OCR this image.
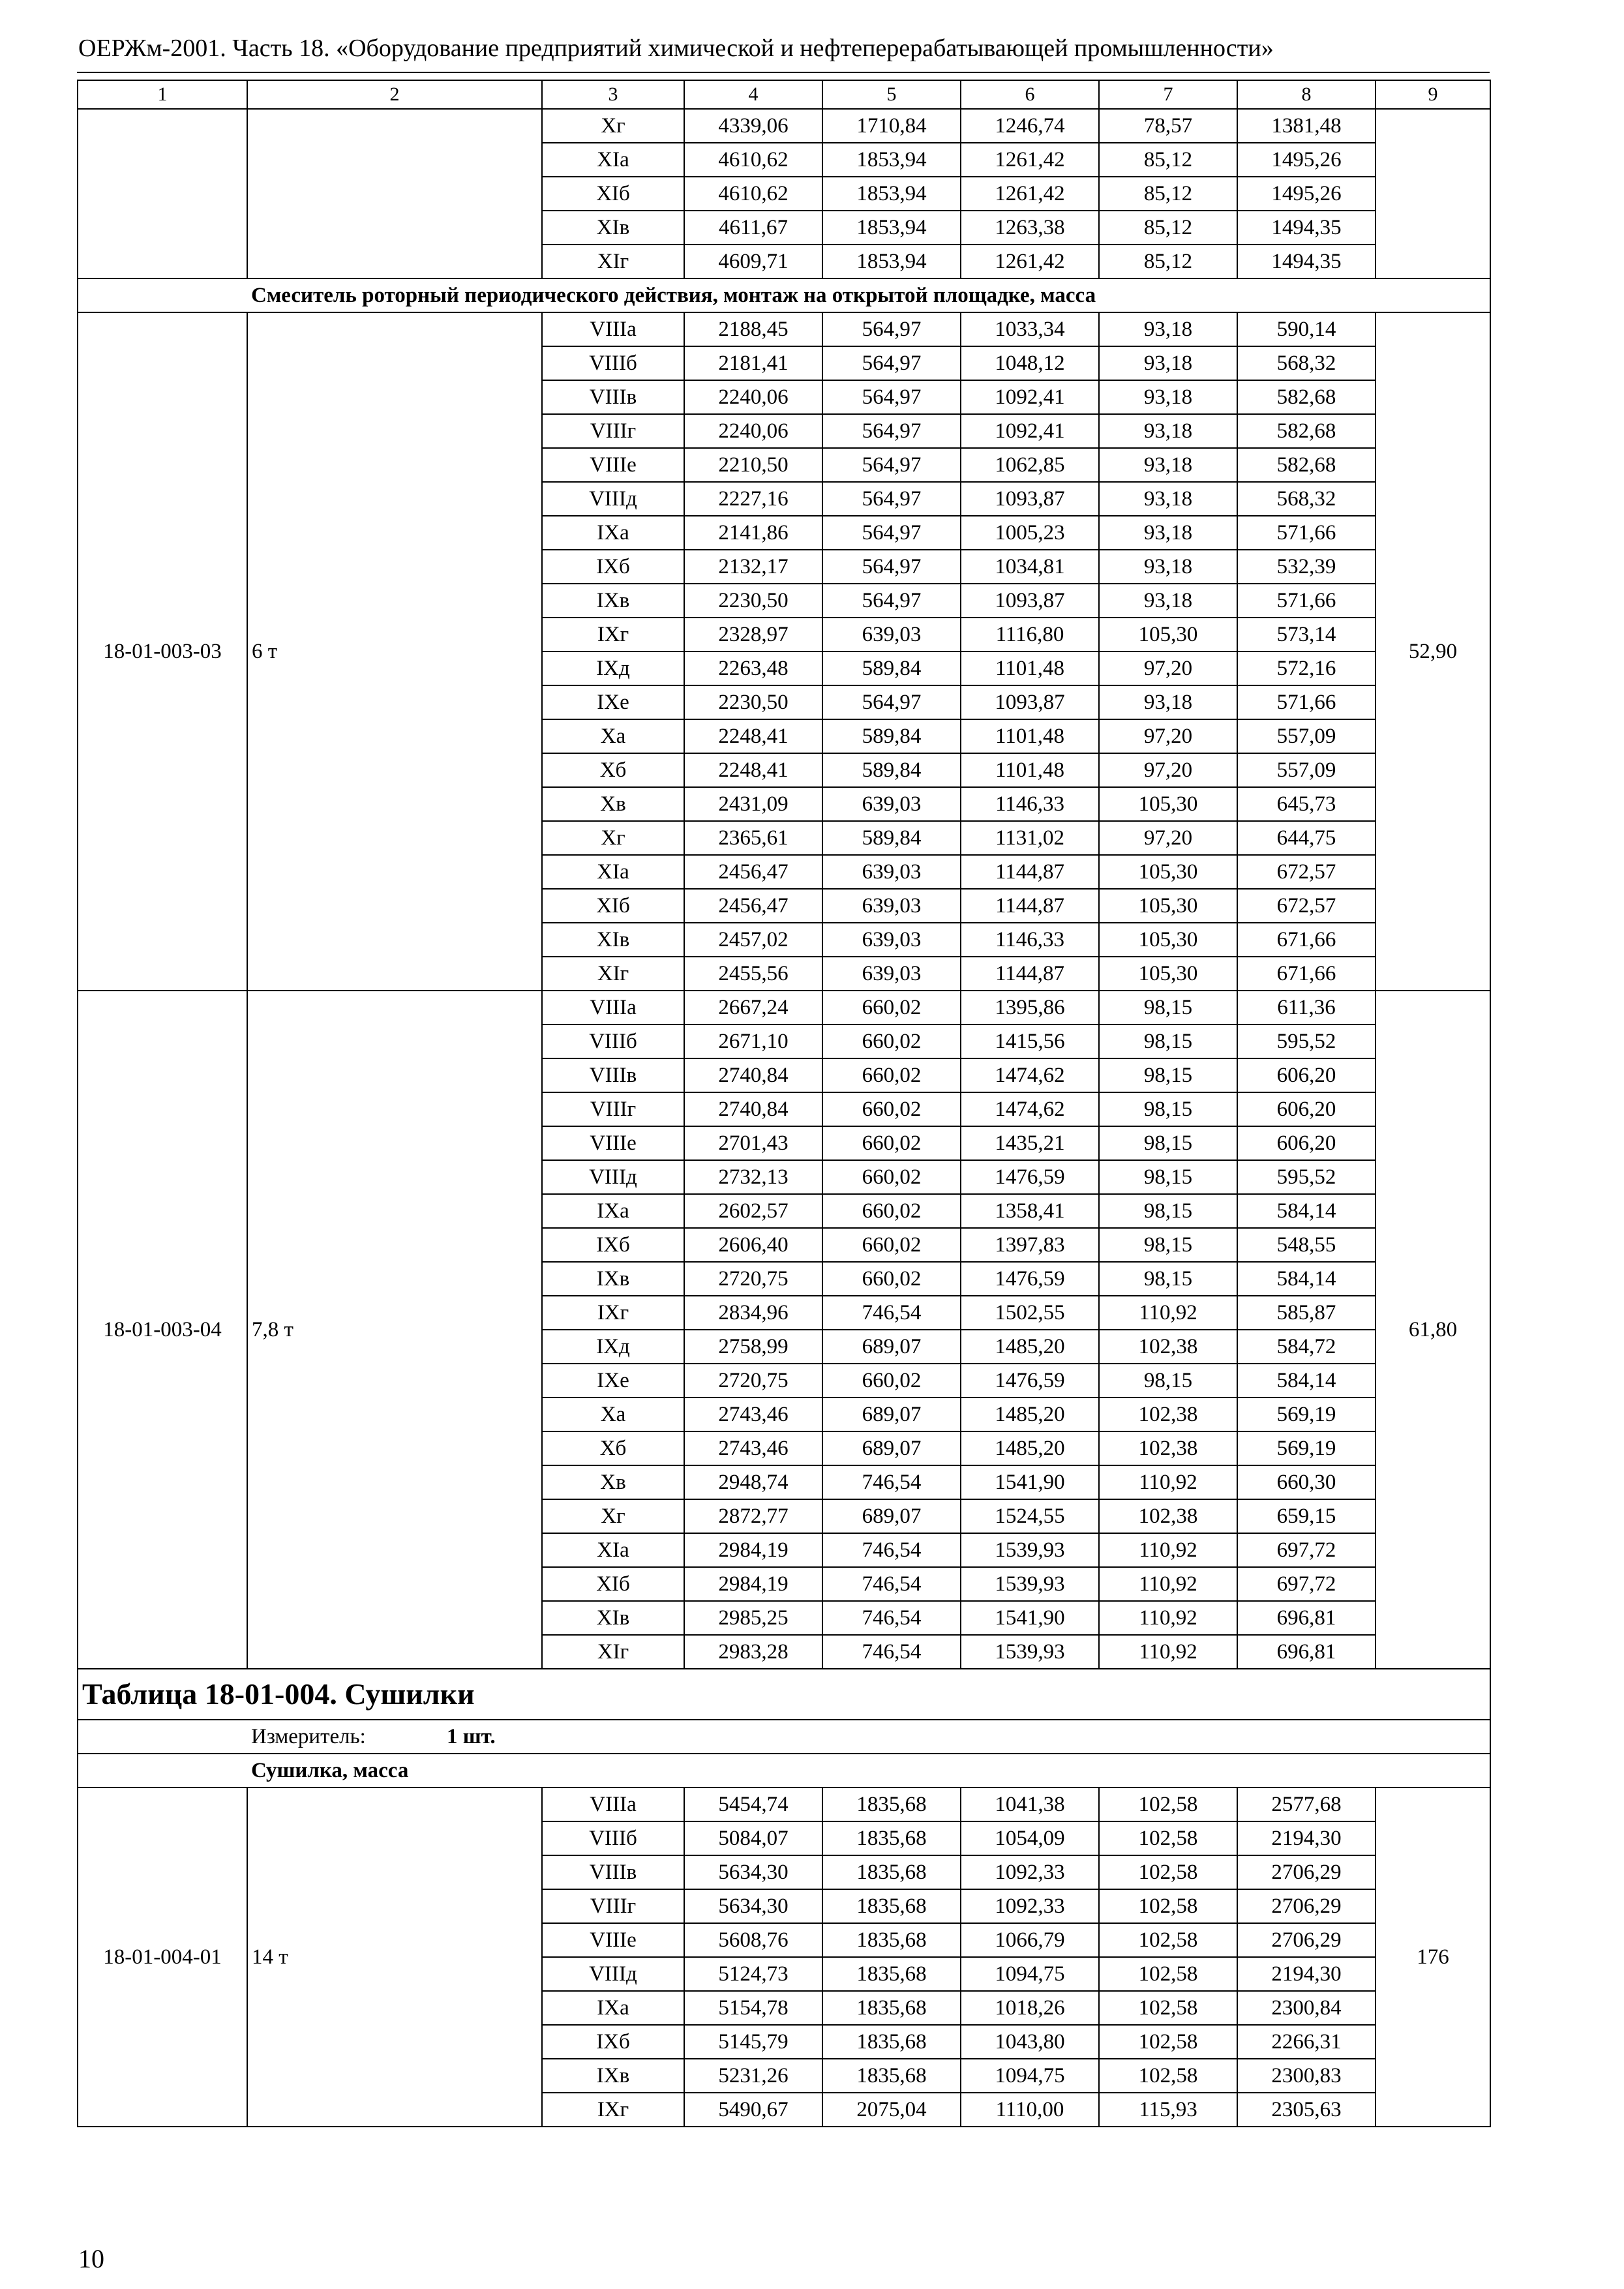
ОЕРЖм-2001. Часть 18. «Оборудование предприятий химической и нефтеперерабатывающей промышленности»
1	2	3	4	5	6	7	8	9
		Xг	4339,06	1710,84	1246,74	78,57	1381,48	
		XIа	4610,62	1853,94	1261,42	85,12	1495,26	
		XIб	4610,62	1853,94	1261,42	85,12	1495,26	
		XIв	4611,67	1853,94	1263,38	85,12	1494,35	
		XIг	4609,71	1853,94	1261,42	85,12	1494,35	
	Смеситель роторный периодического действия, монтаж на открытой площадке, масса							
18-01-003-03	6 т	VIIIа	2188,45	564,97	1033,34	93,18	590,14	52,90
		VIIIб	2181,41	564,97	1048,12	93,18	568,32	
		VIIIв	2240,06	564,97	1092,41	93,18	582,68	
		VIIIг	2240,06	564,97	1092,41	93,18	582,68	
		VIIIе	2210,50	564,97	1062,85	93,18	582,68	
		VIIIд	2227,16	564,97	1093,87	93,18	568,32	
		IXа	2141,86	564,97	1005,23	93,18	571,66	
		IXб	2132,17	564,97	1034,81	93,18	532,39	
		IXв	2230,50	564,97	1093,87	93,18	571,66	
		IXг	2328,97	639,03	1116,80	105,30	573,14	
		IXд	2263,48	589,84	1101,48	97,20	572,16	
		IXе	2230,50	564,97	1093,87	93,18	571,66	
		Xа	2248,41	589,84	1101,48	97,20	557,09	
		Xб	2248,41	589,84	1101,48	97,20	557,09	
		Xв	2431,09	639,03	1146,33	105,30	645,73	
		Xг	2365,61	589,84	1131,02	97,20	644,75	
		XIа	2456,47	639,03	1144,87	105,30	672,57	
		XIб	2456,47	639,03	1144,87	105,30	672,57	
		XIв	2457,02	639,03	1146,33	105,30	671,66	
		XIг	2455,56	639,03	1144,87	105,30	671,66	
18-01-003-04	7,8 т	VIIIа	2667,24	660,02	1395,86	98,15	611,36	61,80
		VIIIб	2671,10	660,02	1415,56	98,15	595,52	
		VIIIв	2740,84	660,02	1474,62	98,15	606,20	
		VIIIг	2740,84	660,02	1474,62	98,15	606,20	
		VIIIе	2701,43	660,02	1435,21	98,15	606,20	
		VIIIд	2732,13	660,02	1476,59	98,15	595,52	
		IXа	2602,57	660,02	1358,41	98,15	584,14	
		IXб	2606,40	660,02	1397,83	98,15	548,55	
		IXв	2720,75	660,02	1476,59	98,15	584,14	
		IXг	2834,96	746,54	1502,55	110,92	585,87	
		IXд	2758,99	689,07	1485,20	102,38	584,72	
		IXе	2720,75	660,02	1476,59	98,15	584,14	
		Xа	2743,46	689,07	1485,20	102,38	569,19	
		Xб	2743,46	689,07	1485,20	102,38	569,19	
		Xв	2948,74	746,54	1541,90	110,92	660,30	
		Xг	2872,77	689,07	1524,55	102,38	659,15	
		XIа	2984,19	746,54	1539,93	110,92	697,72	
		XIб	2984,19	746,54	1539,93	110,92	697,72	
		XIв	2985,25	746,54	1541,90	110,92	696,81	
		XIг	2983,28	746,54	1539,93	110,92	696,81	
Таблица 18-01-004. Сушилки								
	Измеритель: 1 шт.							
	Сушилка, масса							
18-01-004-01	14 т	VIIIа	5454,74	1835,68	1041,38	102,58	2577,68	176
		VIIIб	5084,07	1835,68	1054,09	102,58	2194,30	
		VIIIв	5634,30	1835,68	1092,33	102,58	2706,29	
		VIIIг	5634,30	1835,68	1092,33	102,58	2706,29	
		VIIIе	5608,76	1835,68	1066,79	102,58	2706,29	
		VIIIд	5124,73	1835,68	1094,75	102,58	2194,30	
		IXа	5154,78	1835,68	1018,26	102,58	2300,84	
		IXб	5145,79	1835,68	1043,80	102,58	2266,31	
		IXв	5231,26	1835,68	1094,75	102,58	2300,83	
		IXг	5490,67	2075,04	1110,00	115,93	2305,63	
10
